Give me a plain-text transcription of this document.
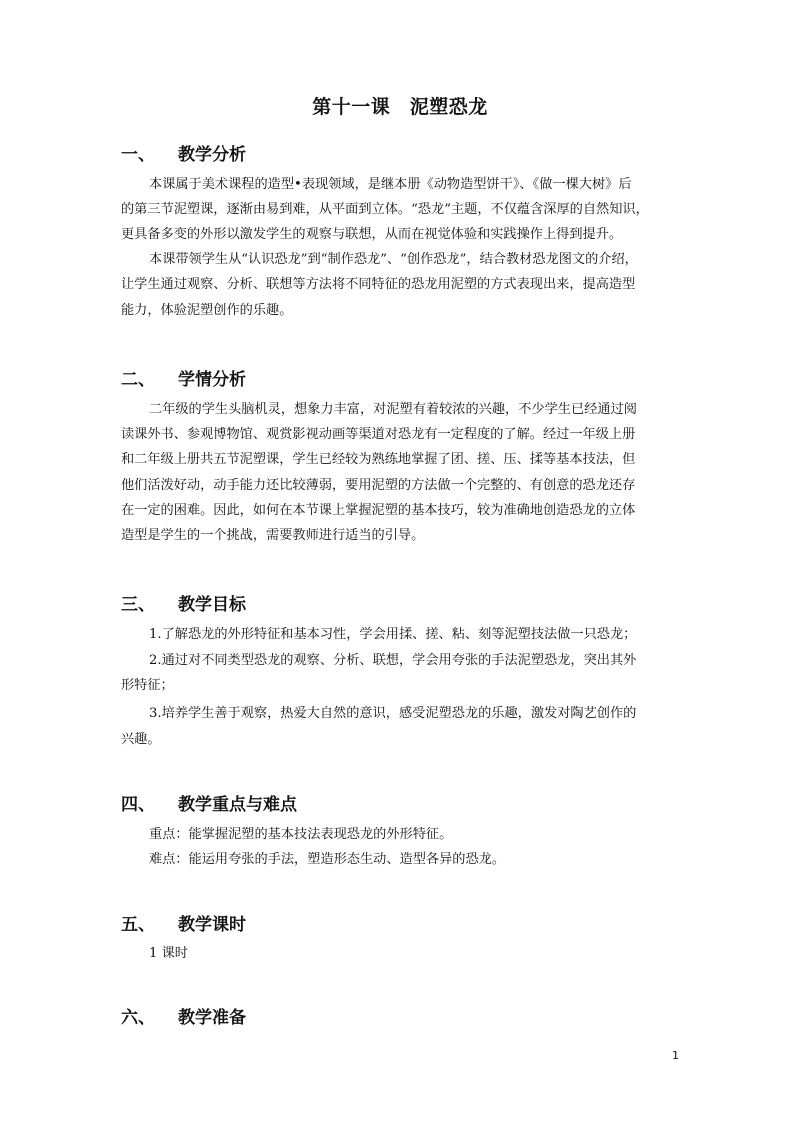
第十一课　泥塑恐龙
一、 教学分析
本课属于美术课程的造型•表现领域，是继本册《动物造型饼干》、《做一棵大树》后
的第三节泥塑课，逐渐由易到难，从平面到立体。“恐龙”主题，不仅蕴含深厚的自然知识，
更具备多变的外形以激发学生的观察与联想，从而在视觉体验和实践操作上得到提升。
本课带领学生从“认识恐龙”到“制作恐龙”、“创作恐龙”，结合教材恐龙图文的介绍，
让学生通过观察、分析、联想等方法将不同特征的恐龙用泥塑的方式表现出来，提高造型
能力，体验泥塑创作的乐趣。
二、 学情分析
二年级的学生头脑机灵，想象力丰富，对泥塑有着较浓的兴趣，不少学生已经通过阅
读课外书、参观博物馆、观赏影视动画等渠道对恐龙有一定程度的了解。经过一年级上册
和二年级上册共五节泥塑课，学生已经较为熟练地掌握了团、搓、压、揉等基本技法，但
他们活泼好动，动手能力还比较薄弱，要用泥塑的方法做一个完整的、有创意的恐龙还存
在一定的困难。因此，如何在本节课上掌握泥塑的基本技巧，较为准确地创造恐龙的立体
造型是学生的一个挑战，需要教师进行适当的引导。
三、 教学目标
1.了解恐龙的外形特征和基本习性，学会用揉、搓、粘、刻等泥塑技法做一只恐龙；
2.通过对不同类型恐龙的观察、分析、联想，学会用夸张的手法泥塑恐龙，突出其外
形特征；
3.培养学生善于观察，热爱大自然的意识，感受泥塑恐龙的乐趣，激发对陶艺创作的
兴趣。
四、 教学重点与难点
重点：能掌握泥塑的基本技法表现恐龙的外形特征。
难点：能运用夸张的手法，塑造形态生动、造型各异的恐龙。
五、 教学课时
1 课时
六、 教学准备
1
